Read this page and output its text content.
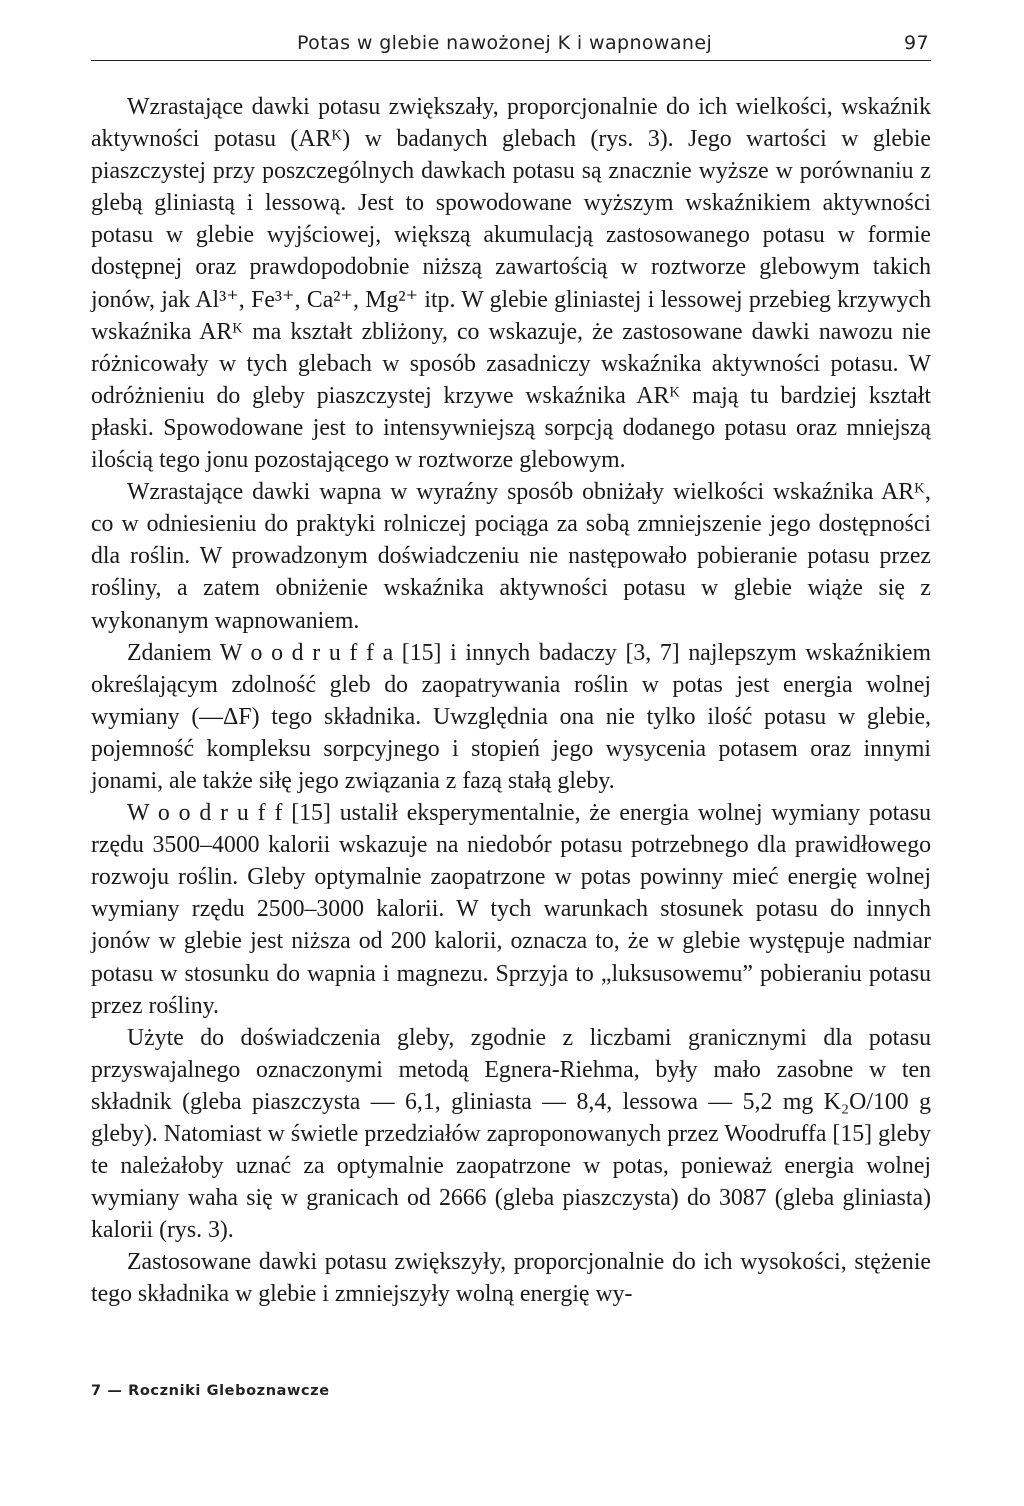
Potas w glebie nawożonej K i wapnowanej	97

Wzrastające dawki potasu zwiększały, proporcjonalnie do ich wielkości, wskaźnik aktywności potasu (ARᴷ) w badanych glebach (rys. 3). Jego wartości w glebie piaszczystej przy poszczególnych dawkach potasu są znacznie wyższe w porównaniu z glebą gliniastą i lessową. Jest to spowodowane wyższym wskaźnikiem aktywności potasu w glebie wyjściowej, większą akumulacją zastosowanego potasu w formie dostępnej oraz prawdopodobnie niższą zawartością w roztworze glebowym takich jonów, jak Al³⁺, Fe³⁺, Ca²⁺, Mg²⁺ itp. W glebie gliniastej i lessowej przebieg krzywych wskaźnika ARᴷ ma kształt zbliżony, co wskazuje, że zastosowane dawki nawozu nie różnicowały w tych glebach w sposób zasadniczy wskaźnika aktywności potasu. W odróżnieniu do gleby piaszczystej krzywe wskaźnika ARᴷ mają tu bardziej kształt płaski. Spowodowane jest to intensywniejszą sorpcją dodanego potasu oraz mniejszą ilością tego jonu pozostającego w roztworze glebowym.

Wzrastające dawki wapna w wyraźny sposób obniżały wielkości wskaźnika ARᴷ, co w odniesieniu do praktyki rolniczej pociąga za sobą zmniejszenie jego dostępności dla roślin. W prowadzonym doświadczeniu nie następowało pobieranie potasu przez rośliny, a zatem obniżenie wskaźnika aktywności potasu w glebie wiąże się z wykonanym wapnowaniem.

Zdaniem W o o d r u f f a [15] i innych badaczy [3, 7] najlepszym wskaźnikiem określającym zdolność gleb do zaopatrywania roślin w potas jest energia wolnej wymiany (—ΔF) tego składnika. Uwzględnia ona nie tylko ilość potasu w glebie, pojemność kompleksu sorpcyjnego i stopień jego wysycenia potasem oraz innymi jonami, ale także siłę jego związania z fazą stałą gleby.

W o o d r u f f [15] ustalił eksperymentalnie, że energia wolnej wymiany potasu rzędu 3500–4000 kalorii wskazuje na niedobór potasu potrzebnego dla prawidłowego rozwoju roślin. Gleby optymalnie zaopatrzone w potas powinny mieć energię wolnej wymiany rzędu 2500–3000 kalorii. W tych warunkach stosunek potasu do innych jonów w glebie jest niższa od 200 kalorii, oznacza to, że w glebie występuje nadmiar potasu w stosunku do wapnia i magnezu. Sprzyja to „luksusowemu” pobieraniu potasu przez rośliny.

Użyte do doświadczenia gleby, zgodnie z liczbami granicznymi dla potasu przyswajalnego oznaczonymi metodą Egnera-Riehma, były mało zasobne w ten składnik (gleba piaszczysta — 6,1, gliniasta — 8,4, lessowa — 5,2 mg K₂O/100 g gleby). Natomiast w świetle przedziałów zaproponowanych przez Woodruffa [15] gleby te należałoby uznać za optymalnie zaopatrzone w potas, ponieważ energia wolnej wymiany waha się w granicach od 2666 (gleba piaszczysta) do 3087 (gleba gliniasta) kalorii (rys. 3).

Zastosowane dawki potasu zwiększyły, proporcjonalnie do ich wysokości, stężenie tego składnika w glebie i zmniejszyły wolną energię wy-

7 — Roczniki Gleboznawcze
